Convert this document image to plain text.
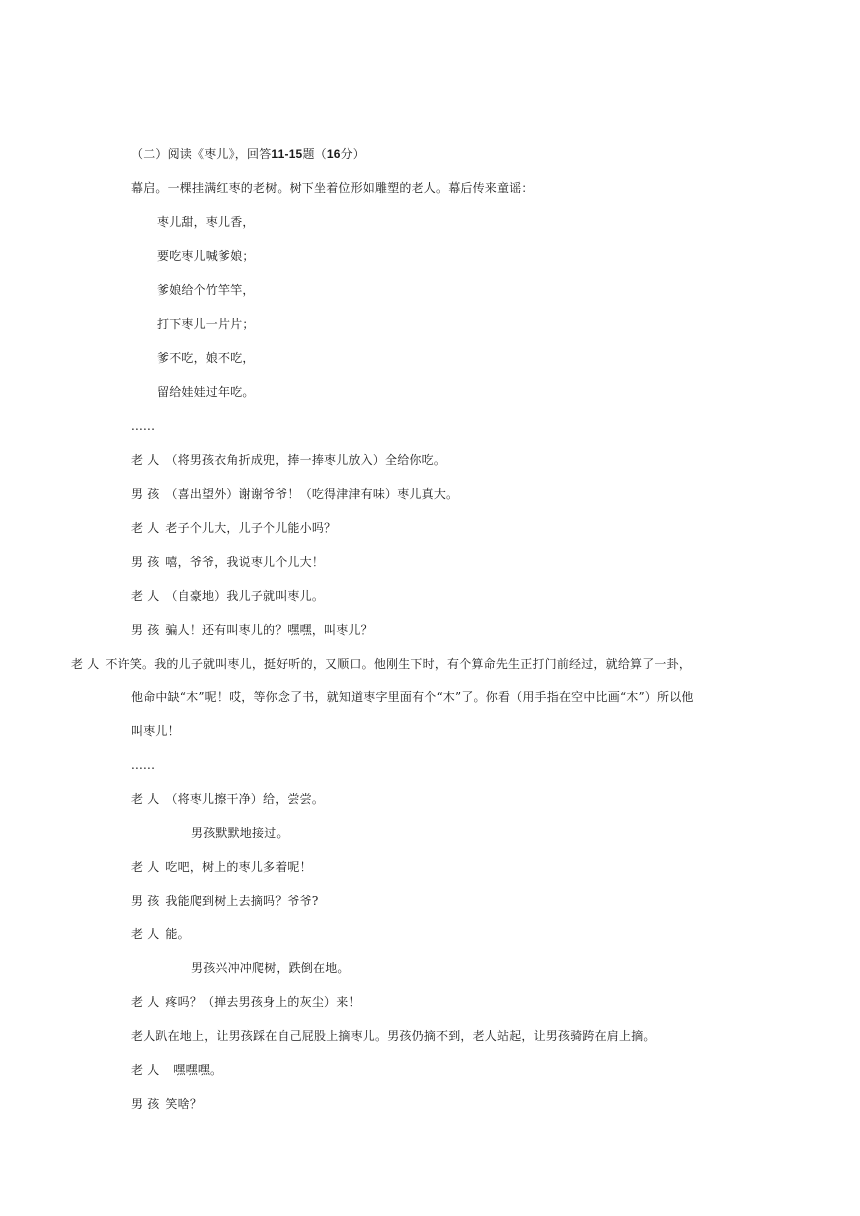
（二）阅读《枣儿》，回答11-15题（16分）
幕启。一棵挂满红枣的老树。树下坐着位形如雕塑的老人。幕后传来童谣：
枣儿甜，枣儿香，
要吃枣儿喊爹娘；
爹娘给个竹竿竿，
打下枣儿一片片；
爹不吃，娘不吃，
留给娃娃过年吃。
......
老 人 （将男孩衣角折成兜，捧一捧枣儿放入）全给你吃。
男 孩 （喜出望外）谢谢爷爷！（吃得津津有味）枣儿真大。
老 人 老子个儿大，儿子个儿能小吗？
男 孩 嘻，爷爷，我说枣儿个儿大！
老 人 （自豪地）我儿子就叫枣儿。
男 孩 骗人！还有叫枣儿的？嘿嘿，叫枣儿？
老 人 不许笑。我的儿子就叫枣儿，挺好听的，又顺口。他刚生下时，有个算命先生正打门前经过，就给算了一卦，
他命中缺“木”呢！哎，等你念了书，就知道枣字里面有个“木”了。你看（用手指在空中比画“木”）所以他
叫枣儿！
......
老 人 （将枣儿擦干净）给，尝尝。
男孩默默地接过。
老 人 吃吧，树上的枣儿多着呢！
男 孩 我能爬到树上去摘吗？爷爷?
老 人 能。
男孩兴冲冲爬树，跌倒在地。
老 人 疼吗？（掸去男孩身上的灰尘）来！
老人趴在地上，让男孩踩在自己屁股上摘枣儿。男孩仍摘不到，老人站起，让男孩骑跨在肩上摘。
老 人 嘿嘿嘿。
男 孩 笑啥？
